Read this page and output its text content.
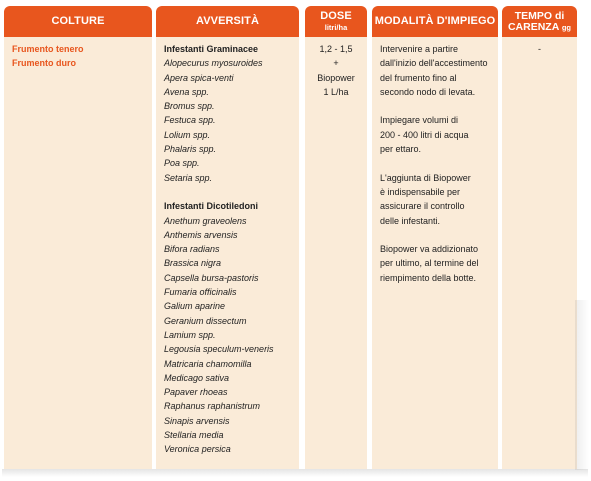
COLTURE	AVVERSITÀ	DOSE
litri/ha MODALITÀ D'IMPIEGO TEMPO di
CARENZA gg
Frumento tenero
Frumento duro
Infestanti Graminacee
Alopecurus myosuroides
Apera spica-venti
Avena spp.
Bromus spp.
Festuca spp.
Lolium spp.
Phalaris spp.
Poa spp.
Setaria spp.
Infestanti Dicotiledoni
Anethum graveolens
Anthemis arvensis
Bifora radians
Brassica nigra
Capsella bursa-pastoris
Fumaria officinalis
Galium aparine
Geranium dissectum
Lamium spp.
Legousia speculum-veneris
Matricaria chamomilla
Medicago sativa
Papaver rhoeas
Raphanus raphanistrum
Sinapis arvensis
Stellaria media
Veronica persica
1,2 - 1,5
+
Biopower
1 L/ha
Intervenire a partire
dall'inizio dell'accestimento
del frumento fino al
secondo nodo di levata.
Impiegare volumi di
200 - 400 litri di acqua
per ettaro.
L'aggiunta di Biopower
è indispensabile per
assicurare il controllo
delle infestanti.
Biopower va addizionato
per ultimo, al termine del
riempimento della botte.
-
